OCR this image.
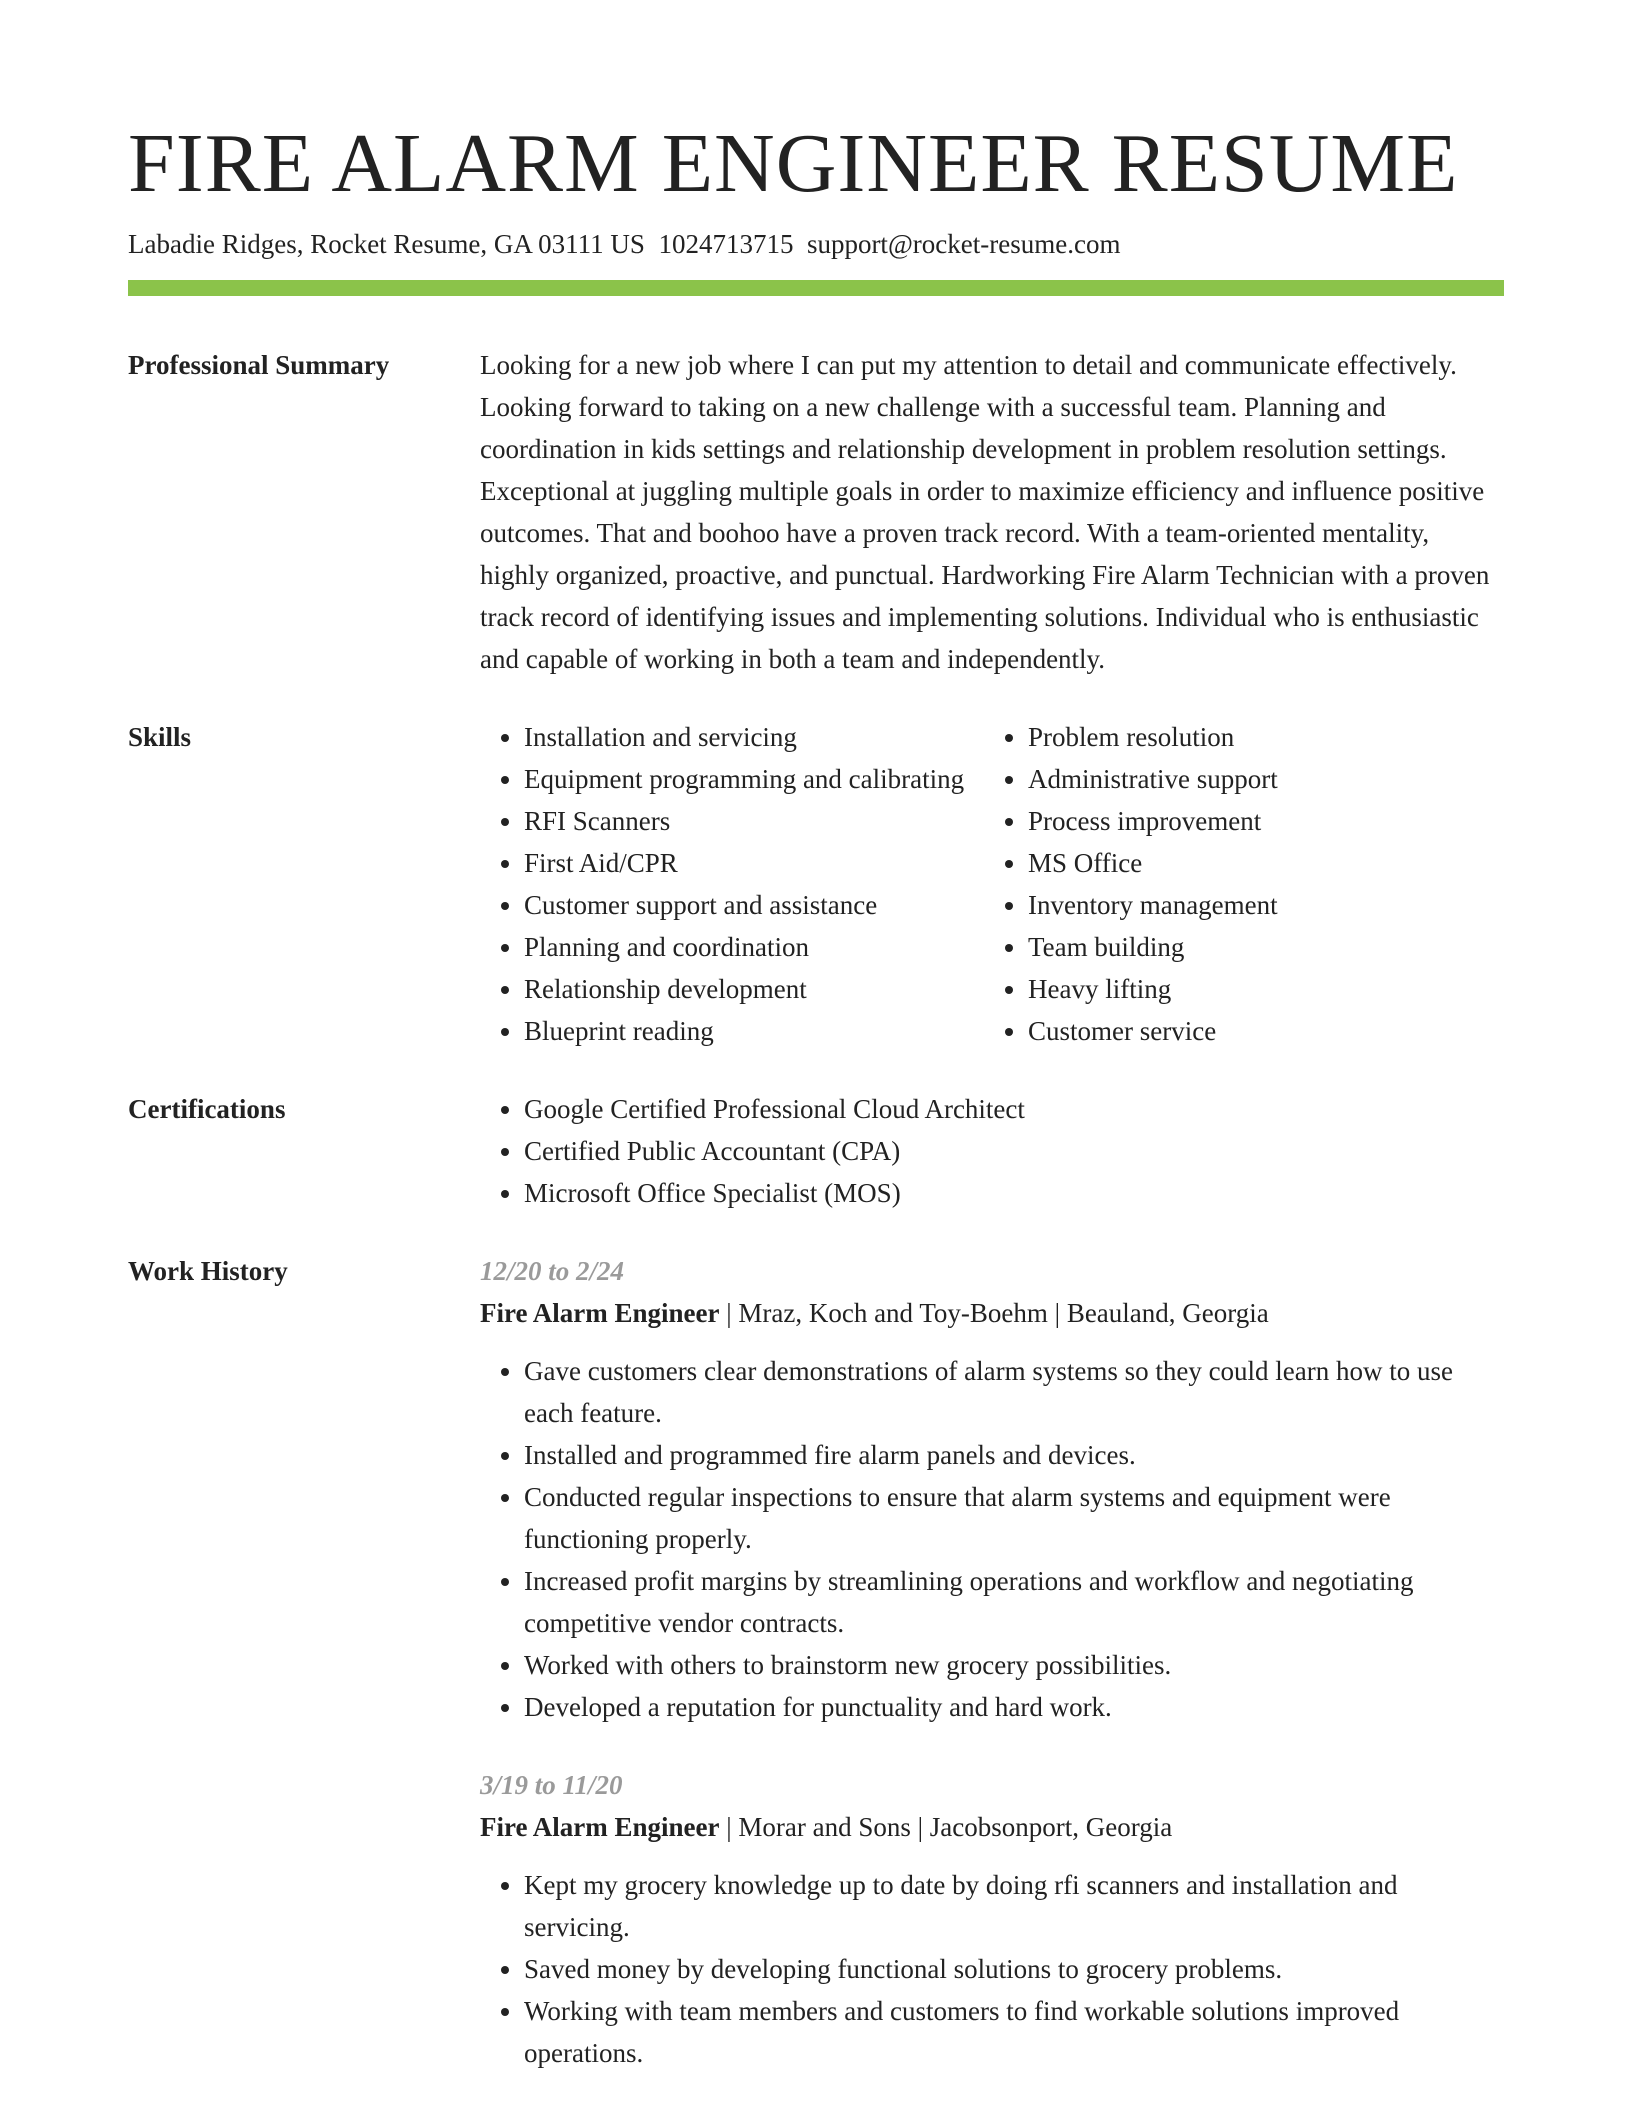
FIRE ALARM ENGINEER RESUME
Labadie Ridges, Rocket Resume, GA 03111 US 1024713715 support@rocket-resume.com
Professional Summary	Looking for a new job where I can put my attention to detail and communicate effectively. Looking forward to taking on a new challenge with a successful team. Planning and coordination in kids settings and relationship development in problem resolution settings. Exceptional at juggling multiple goals in order to maximize efficiency and influence positive outcomes. That and boohoo have a proven track record. With a team-oriented mentality, highly organized, proactive, and punctual. Hardworking Fire Alarm Technician with a proven track record of identifying issues and implementing solutions. Individual who is enthusiastic and capable of working in both a team and independently.

Skills	• Installation and servicing
• Equipment programming and calibrating
• RFI Scanners
• First Aid/CPR
• Customer support and assistance
• Planning and coordination
• Relationship development
• Blueprint reading
• Problem resolution
• Administrative support
• Process improvement
• MS Office
• Inventory management
• Team building
• Heavy lifting
• Customer service
Certifications	• Google Certified Professional Cloud Architect
• Certified Public Accountant (CPA)
• Microsoft Office Specialist (MOS)
Work History	12/20 to 2/24
Fire Alarm Engineer | Mraz, Koch and Toy-Boehm | Beauland, Georgia
• Gave customers clear demonstrations of alarm systems so they could learn how to use each feature.
• Installed and programmed fire alarm panels and devices.
• Conducted regular inspections to ensure that alarm systems and equipment were functioning properly.
• Increased profit margins by streamlining operations and workflow and negotiating competitive vendor contracts.
• Worked with others to brainstorm new grocery possibilities.
• Developed a reputation for punctuality and hard work.
3/19 to 11/20
Fire Alarm Engineer | Morar and Sons | Jacobsonport, Georgia
• Kept my grocery knowledge up to date by doing rfi scanners and installation and servicing.
• Saved money by developing functional solutions to grocery problems.
• Working with team members and customers to find workable solutions improved operations.
